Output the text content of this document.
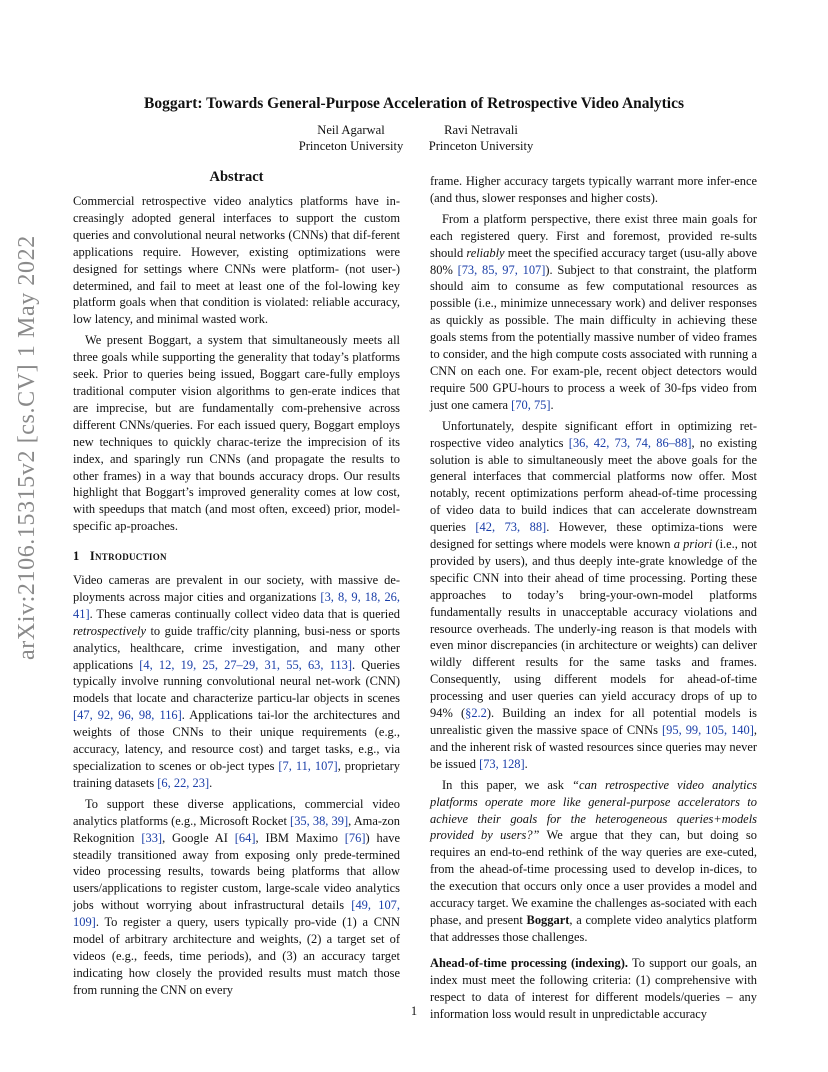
arXiv:2106.15315v2 [cs.CV] 1 May 2022
Boggart: Towards General-Purpose Acceleration of Retrospective Video Analytics
Neil Agarwal
Princeton University
Ravi Netravali
Princeton University
Abstract

Commercial retrospective video analytics platforms have in-creasingly adopted general interfaces to support the custom queries and convolutional neural networks (CNNs) that dif-ferent applications require. However, existing optimizations were designed for settings where CNNs were platform- (not user-) determined, and fail to meet at least one of the fol-lowing key platform goals when that condition is violated: reliable accuracy, low latency, and minimal wasted work.

We present Boggart, a system that simultaneously meets all three goals while supporting the generality that today’s platforms seek. Prior to queries being issued, Boggart care-fully employs traditional computer vision algorithms to gen-erate indices that are imprecise, but are fundamentally com-prehensive across different CNNs/queries. For each issued query, Boggart employs new techniques to quickly charac-terize the imprecision of its index, and sparingly run CNNs (and propagate the results to other frames) in a way that bounds accuracy drops. Our results highlight that Boggart’s improved generality comes at low cost, with speedups that match (and most often, exceed) prior, model-specific ap-proaches.

1 Introduction

Video cameras are prevalent in our society, with massive de-ployments across major cities and organizations [3, 8, 9, 18, 26, 41]. These cameras continually collect video data that is queried retrospectively to guide traffic/city planning, busi-ness or sports analytics, healthcare, crime investigation, and many other applications [4, 12, 19, 25, 27–29, 31, 55, 63, 113]. Queries typically involve running convolutional neural net-work (CNN) models that locate and characterize particu-lar objects in scenes [47, 92, 96, 98, 116]. Applications tai-lor the architectures and weights of those CNNs to their unique requirements (e.g., accuracy, latency, and resource cost) and target tasks, e.g., via specialization to scenes or ob-ject types [7, 11, 107], proprietary training datasets [6, 22, 23].

To support these diverse applications, commercial video analytics platforms (e.g., Microsoft Rocket [35, 38, 39], Ama-zon Rekognition [33], Google AI [64], IBM Maximo [76]) have steadily transitioned away from exposing only prede-termined video processing results, towards being platforms that allow users/applications to register custom, large-scale video analytics jobs without worrying about infrastructural details [49, 107, 109]. To register a query, users typically pro-vide (1) a CNN model of arbitrary architecture and weights, (2) a target set of videos (e.g., feeds, time periods), and (3) an accuracy target indicating how closely the provided results must match those from running the CNN on every

frame. Higher accuracy targets typically warrant more infer-ence (and thus, slower responses and higher costs).

From a platform perspective, there exist three main goals for each registered query. First and foremost, provided re-sults should reliably meet the specified accuracy target (usu-ally above 80% [73, 85, 97, 107]). Subject to that constraint, the platform should aim to consume as few computational resources as possible (i.e., minimize unnecessary work) and deliver responses as quickly as possible. The main difficulty in achieving these goals stems from the potentially massive number of video frames to consider, and the high compute costs associated with running a CNN on each one. For exam-ple, recent object detectors would require 500 GPU-hours to process a week of 30-fps video from just one camera [70, 75].

Unfortunately, despite significant effort in optimizing ret-rospective video analytics [36, 42, 73, 74, 86–88], no existing solution is able to simultaneously meet the above goals for the general interfaces that commercial platforms now offer. Most notably, recent optimizations perform ahead-of-time processing of video data to build indices that can accelerate downstream queries [42, 73, 88]. However, these optimiza-tions were designed for settings where models were known a priori (i.e., not provided by users), and thus deeply inte-grate knowledge of the specific CNN into their ahead of time processing. Porting these approaches to today’s bring-your-own-model platforms fundamentally results in unacceptable accuracy violations and resource overheads. The underly-ing reason is that models with even minor discrepancies (in architecture or weights) can deliver wildly different results for the same tasks and frames. Consequently, using different models for ahead-of-time processing and user queries can yield accuracy drops of up to 94% (§2.2). Building an index for all potential models is unrealistic given the massive space of CNNs [95, 99, 105, 140], and the inherent risk of wasted resources since queries may never be issued [73, 128].

In this paper, we ask “can retrospective video analytics platforms operate more like general-purpose accelerators to achieve their goals for the heterogeneous queries+models provided by users?” We argue that they can, but doing so requires an end-to-end rethink of the way queries are exe-cuted, from the ahead-of-time processing used to develop in-dices, to the execution that occurs only once a user provides a model and accuracy target. We examine the challenges as-sociated with each phase, and present Boggart, a complete video analytics platform that addresses those challenges.

Ahead-of-time processing (indexing). To support our goals, an index must meet the following criteria: (1) comprehensive with respect to data of interest for different models/queries – any information loss would result in unpredictable accuracy

1
